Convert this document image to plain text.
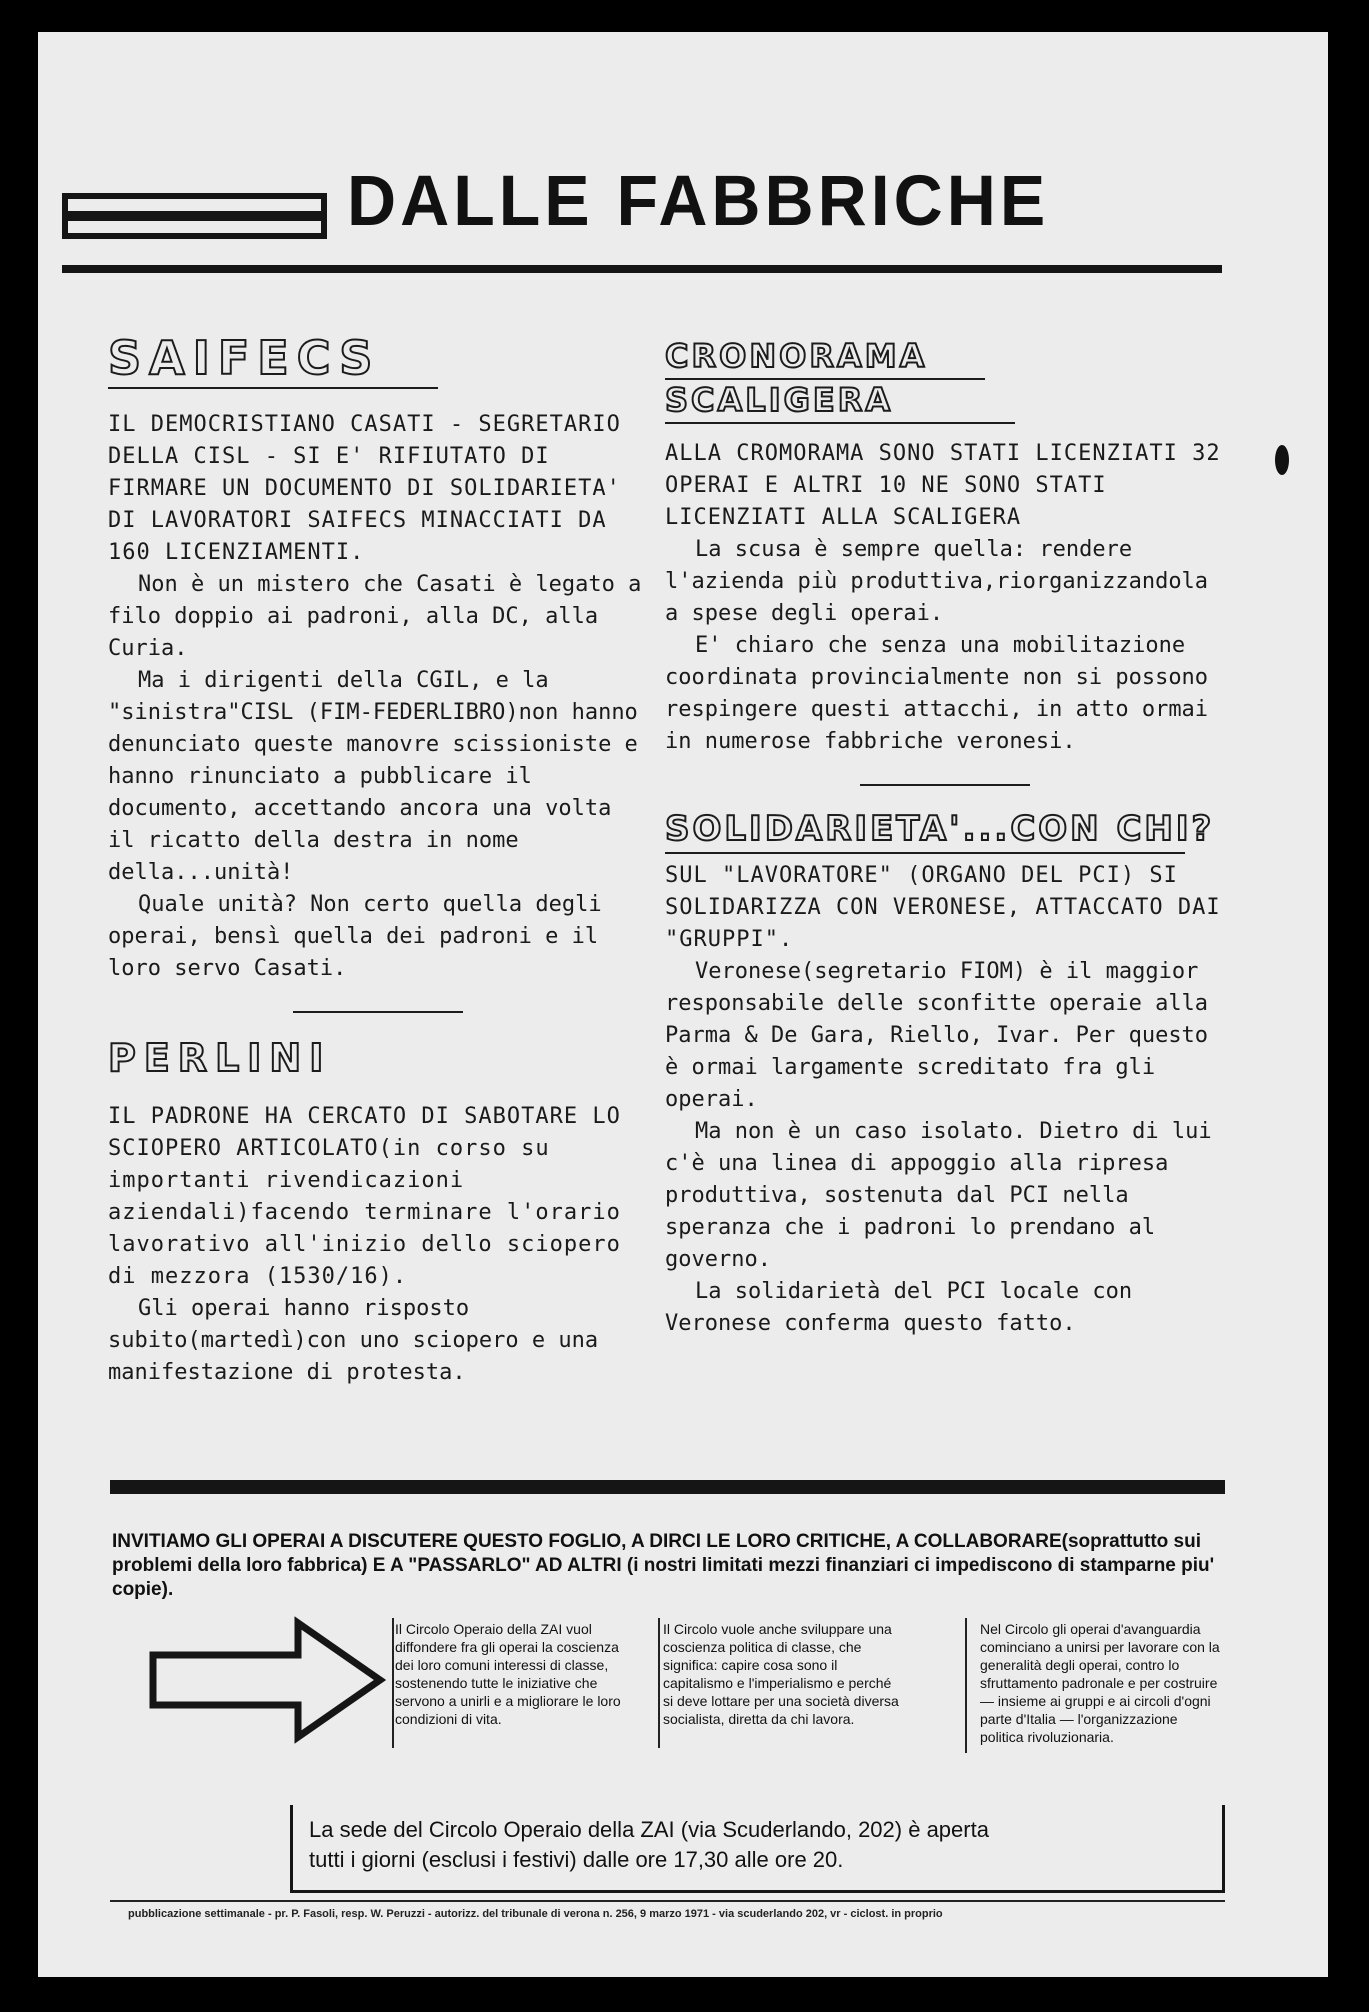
DALLE FABBRICHE
SAIFECS

IL DEMOCRISTIANO CASATI - SEGRETARIO DELLA CISL - SI E' RIFIUTATO DI FIRMARE UN DOCUMENTO DI SOLIDARIETA' DI LAVORATORI SAIFECS MINACCIATI DA 160 LICENZIAMENTI.

Non è un mistero che Casati è legato a filo doppio ai padroni, alla DC, alla Curia.

Ma i dirigenti della CGIL, e la "sinistra"CISL (FIM-FEDERLIBRO)non hanno denunciato queste manovre scissioniste e hanno rinunciato a pubblicare il documento, accettando ancora una volta il ricatto della destra in nome della...unità!

Quale unità? Non certo quella degli operai, bensì quella dei padroni e il loro servo Casati.

PERLINI

IL PADRONE HA CERCATO DI SABOTARE LO SCIOPERO ARTICOLATO(in corso su importanti rivendicazioni aziendali)facendo terminare l'orario lavorativo all'inizio dello sciopero di mezzora (1530/16).

Gli operai hanno risposto subito(martedì)con uno sciopero e una manifestazione di protesta.

CRONORAMA
SCALIGERA

ALLA CROMORAMA SONO STATI LICENZIATI 32 OPERAI E ALTRI 10 NE SONO STATI LICENZIATI ALLA SCALIGERA

La scusa è sempre quella: rendere l'azienda più produttiva,riorganizzandola a spese degli operai.

E' chiaro che senza una mobilitazione coordinata provincialmente non si possono respingere questi attacchi, in atto ormai in numerose fabbriche veronesi.

SOLIDARIETA'...CON CHI?

SUL "LAVORATORE" (ORGANO DEL PCI) SI SOLIDARIZZA CON VERONESE, ATTACCATO DAI "GRUPPI".

Veronese(segretario FIOM) è il maggior responsabile delle sconfitte operaie alla Parma & De Gara, Riello, Ivar. Per questo è ormai largamente screditato fra gli operai.

Ma non è un caso isolato. Dietro di lui c'è una linea di appoggio alla ripresa produttiva, sostenuta dal PCI nella speranza che i padroni lo prendano al governo.

La solidarietà del PCI locale con Veronese conferma questo fatto.

INVITIAMO GLI OPERAI A DISCUTERE QUESTO FOGLIO, A DIRCI LE LORO CRITICHE, A COLLABORARE(soprattutto sui problemi della loro fabbrica) E A "PASSARLO" AD ALTRI (i nostri limitati mezzi finanziari ci impediscono di stamparne piu' copie).
Il Circolo Operaio della ZAI vuol diffondere fra gli operai la coscienza dei loro comuni interessi di classe, sostenendo tutte le iniziative che servono a unirli e a migliorare le loro condizioni di vita.
Il Circolo vuole anche sviluppare una coscienza politica di classe, che significa: capire cosa sono il capitalismo e l'imperialismo e perché si deve lottare per una società diversa socialista, diretta da chi lavora.
Nel Circolo gli operai d'avanguardia cominciano a unirsi per lavorare con la generalità degli operai, contro lo sfruttamento padronale e per costruire — insieme ai gruppi e ai circoli d'ogni parte d'Italia — l'organizzazione politica rivoluzionaria.
La sede del Circolo Operaio della ZAI (via Scuderlando, 202) è aperta
tutti i giorni (esclusi i festivi) dalle ore 17,30 alle ore 20.
pubblicazione settimanale - pr. P. Fasoli, resp. W. Peruzzi - autorizz. del tribunale di verona n. 256, 9 marzo 1971 - via scuderlando 202, vr - ciclost. in proprio
